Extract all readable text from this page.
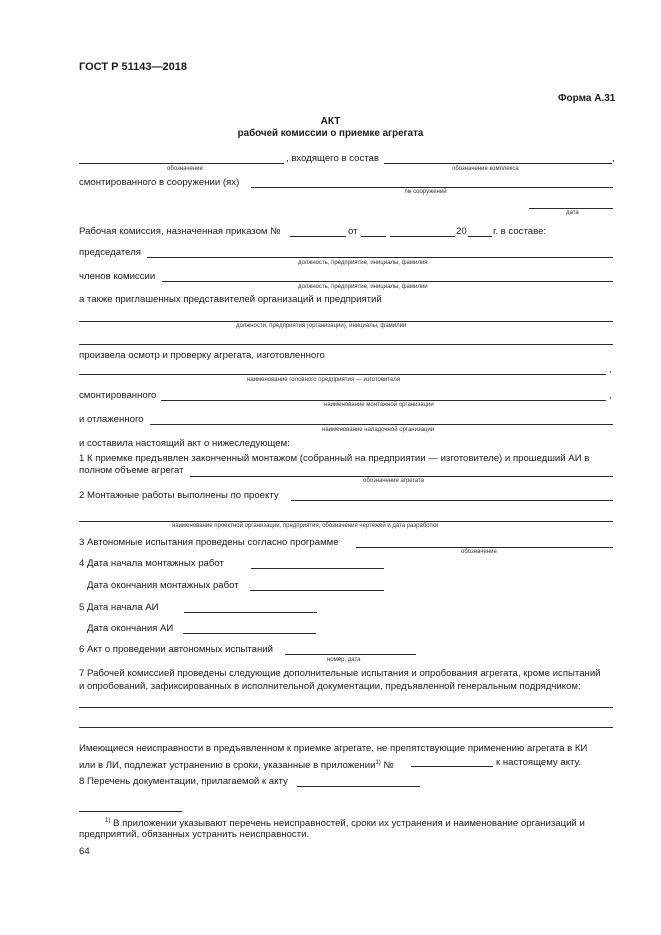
ГОСТ Р 51143—2018
Форма А.31
АКТ
рабочей комиссии о приемке агрегата
, входящего в состав	,
обозначение	обозначение комплекса
смонтированного в сооружении (ях)
№ сооружений
дата
Рабочая комиссия, назначенная приказом №	от	20	г. в составе:
председателя
должность, предприятие, инициалы, фамилия
членов комиссии
должность, предприятие, инициалы, фамилии
а также приглашенных представителей организаций и предприятий
должности, предприятия (организации), инициалы, фамилии
произвела осмотр и проверку агрегата, изготовленного
,
наименование головного предприятия — изготовителя
смонтированного	,
наименование монтажной организации
и отлаженного
наименование наладочной организации
и составила настоящий акт о нижеследующем:
1 К приемке предъявлен законченный монтажом (собранный на предприятии — изготовителе) и прошедший АИ в
полном объеме агрегат
обозначение агрегата
2 Монтажные работы выполнены по проекту
наименование проектной организации, предприятия, обозначения чертежей и дата разработки
3 Автономные испытания проведены согласно программе
обозначение
4 Дата начала монтажных работ
Дата окончания монтажных работ
5 Дата начала АИ
Дата окончания АИ
6 Акт о проведении автономных испытаний
номер, дата
7 Рабочей комиссией проведены следующие дополнительные испытания и опробования агрегата, кроме испытаний
и опробований, зафиксированных в исполнительной документации, предъявленной генеральным подрядчиком:
Имеющиеся неисправности в предъявленном к приемке агрегате, не препятствующие применению агрегата в КИ
или в ЛИ, подлежат устранению в сроки, указанные в приложении$^{1)}$ №	к настоящему акту.
8 Перечень документации, прилагаемой к акту
$^{1)}$ В приложении указывают перечень неисправностей, сроки их устранения и наименование организаций и
предприятий, обязанных устранить неисправности.
64
